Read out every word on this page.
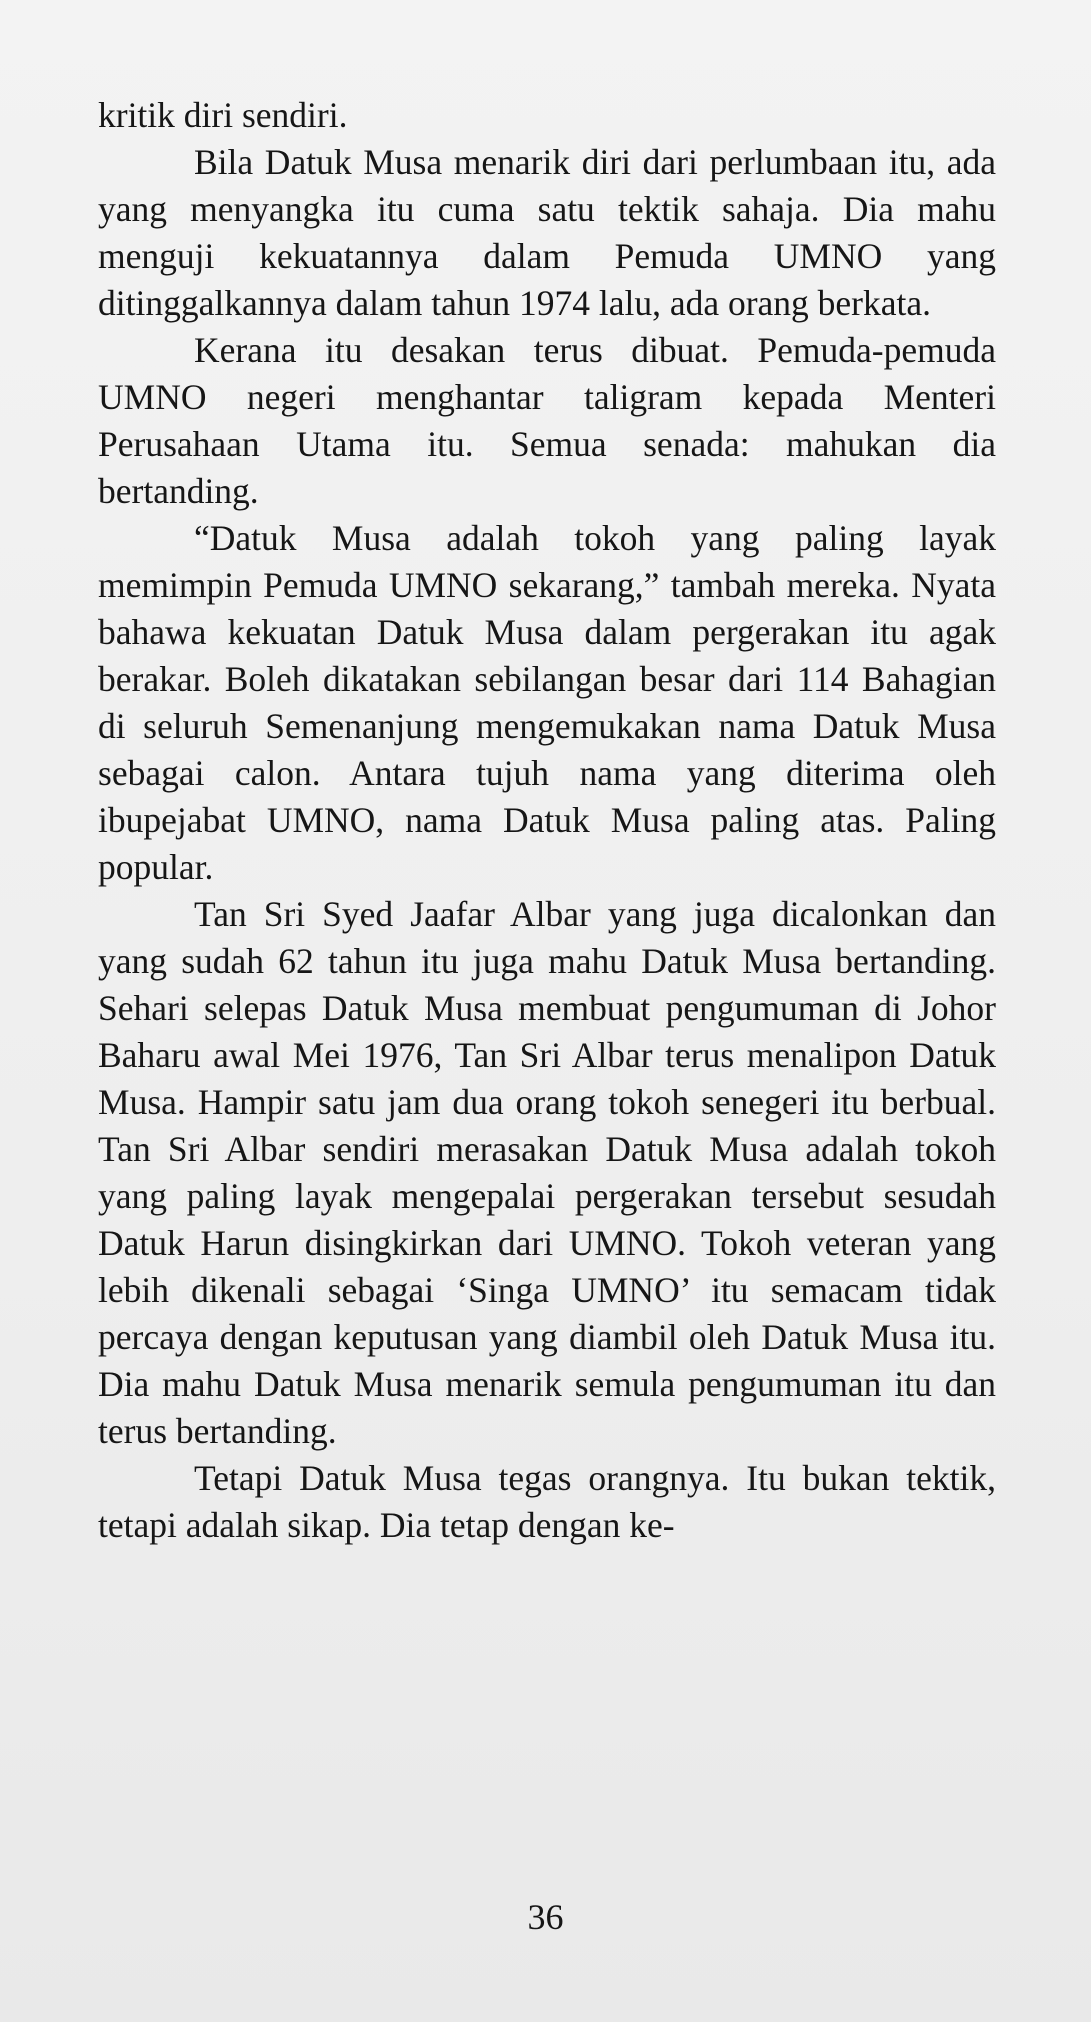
kritik diri sendiri.

Bila Datuk Musa menarik diri dari perlumbaan itu, ada yang menyangka itu cuma satu tektik sahaja. Dia mahu menguji kekuatannya dalam Pemuda UMNO yang ditinggalkannya dalam tahun 1974 lalu, ada orang berkata.

Kerana itu desakan terus dibuat. Pemuda-pemuda UMNO negeri menghantar taligram kepada Menteri Perusahaan Utama itu. Semua senada: mahukan dia bertanding.

“Datuk Musa adalah tokoh yang paling layak memimpin Pemuda UMNO sekarang,” tambah mereka. Nyata bahawa kekuatan Datuk Musa dalam pergerakan itu agak berakar. Boleh dikatakan sebilangan besar dari 114 Bahagian di seluruh Semenanjung mengemukakan nama Datuk Musa sebagai calon. Antara tujuh nama yang diterima oleh ibupejabat UMNO, nama Datuk Musa paling atas. Paling popular.

Tan Sri Syed Jaafar Albar yang juga dicalonkan dan yang sudah 62 tahun itu juga mahu Datuk Musa bertanding. Sehari selepas Datuk Musa membuat pengumuman di Johor Baharu awal Mei 1976, Tan Sri Albar terus menalipon Datuk Musa. Hampir satu jam dua orang tokoh senegeri itu berbual. Tan Sri Albar sendiri merasakan Datuk Musa adalah tokoh yang paling layak mengepalai pergerakan tersebut sesudah Datuk Harun disingkirkan dari UMNO. Tokoh veteran yang lebih dikenali sebagai ‘Singa UMNO’ itu semacam tidak percaya dengan keputusan yang diambil oleh Datuk Musa itu. Dia mahu Datuk Musa menarik semula pengumuman itu dan terus bertanding.

Tetapi Datuk Musa tegas orangnya. Itu bukan tektik, tetapi adalah sikap. Dia tetap dengan ke-

36
